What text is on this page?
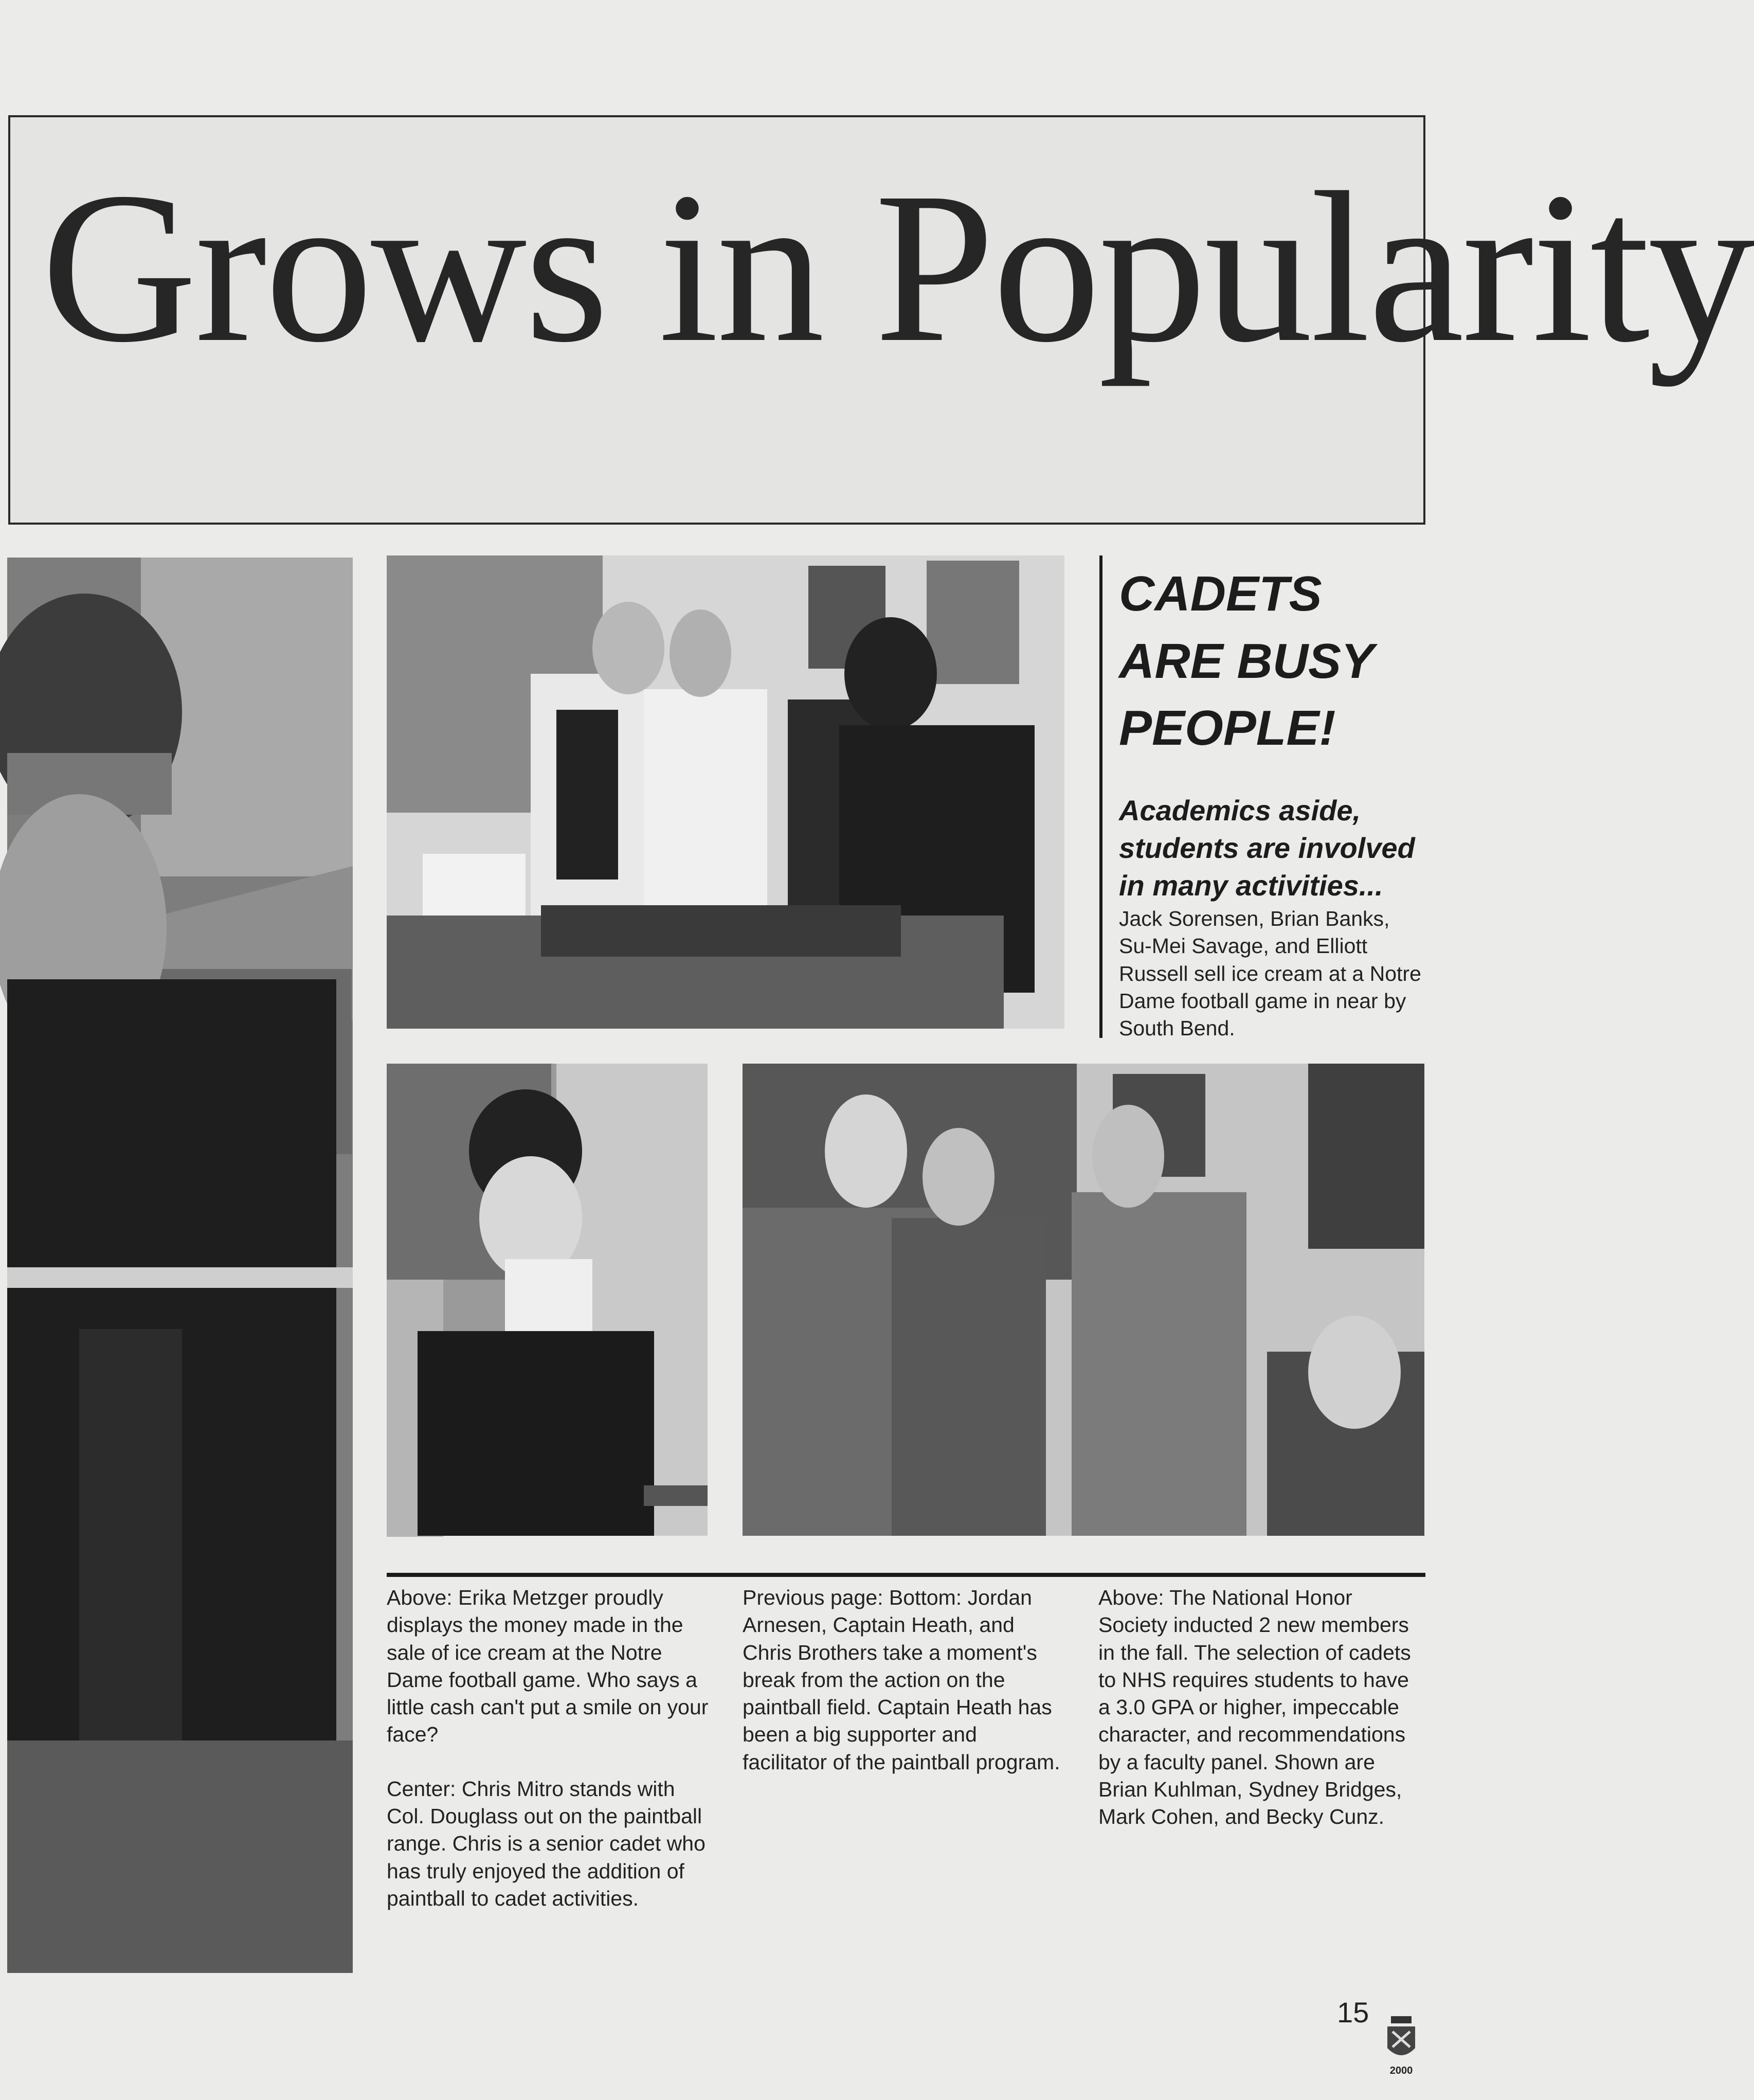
Grows in Popularity
CADETS
ARE BUSY
PEOPLE!
Academics aside, students are involved in many activities...
Jack Sorensen, Brian Banks, Su-Mei Savage, and Elliott Russell sell ice cream at a Notre Dame football game in near by South Bend.

Above: Erika Metzger proudly displays the money made in the sale of ice cream at the Notre Dame football game. Who says a little cash can't put a smile on your face?

Center: Chris Mitro stands with Col. Douglass out on the paintball range. Chris is a senior cadet who has truly enjoyed the addition of paintball to cadet activities.

Previous page: Bottom: Jordan Arnesen, Captain Heath, and Chris Brothers take a moment's break from the action on the paintball field. Captain Heath has been a big supporter and facilitator of the paintball program.

Above: The National Honor Society inducted 2 new members in the fall. The selection of cadets to NHS requires students to have a 3.0 GPA or higher, impeccable character, and recommendations by a faculty panel. Shown are Brian Kuhlman, Sydney Bridges, Mark Cohen, and Becky Cunz.

15
2000
